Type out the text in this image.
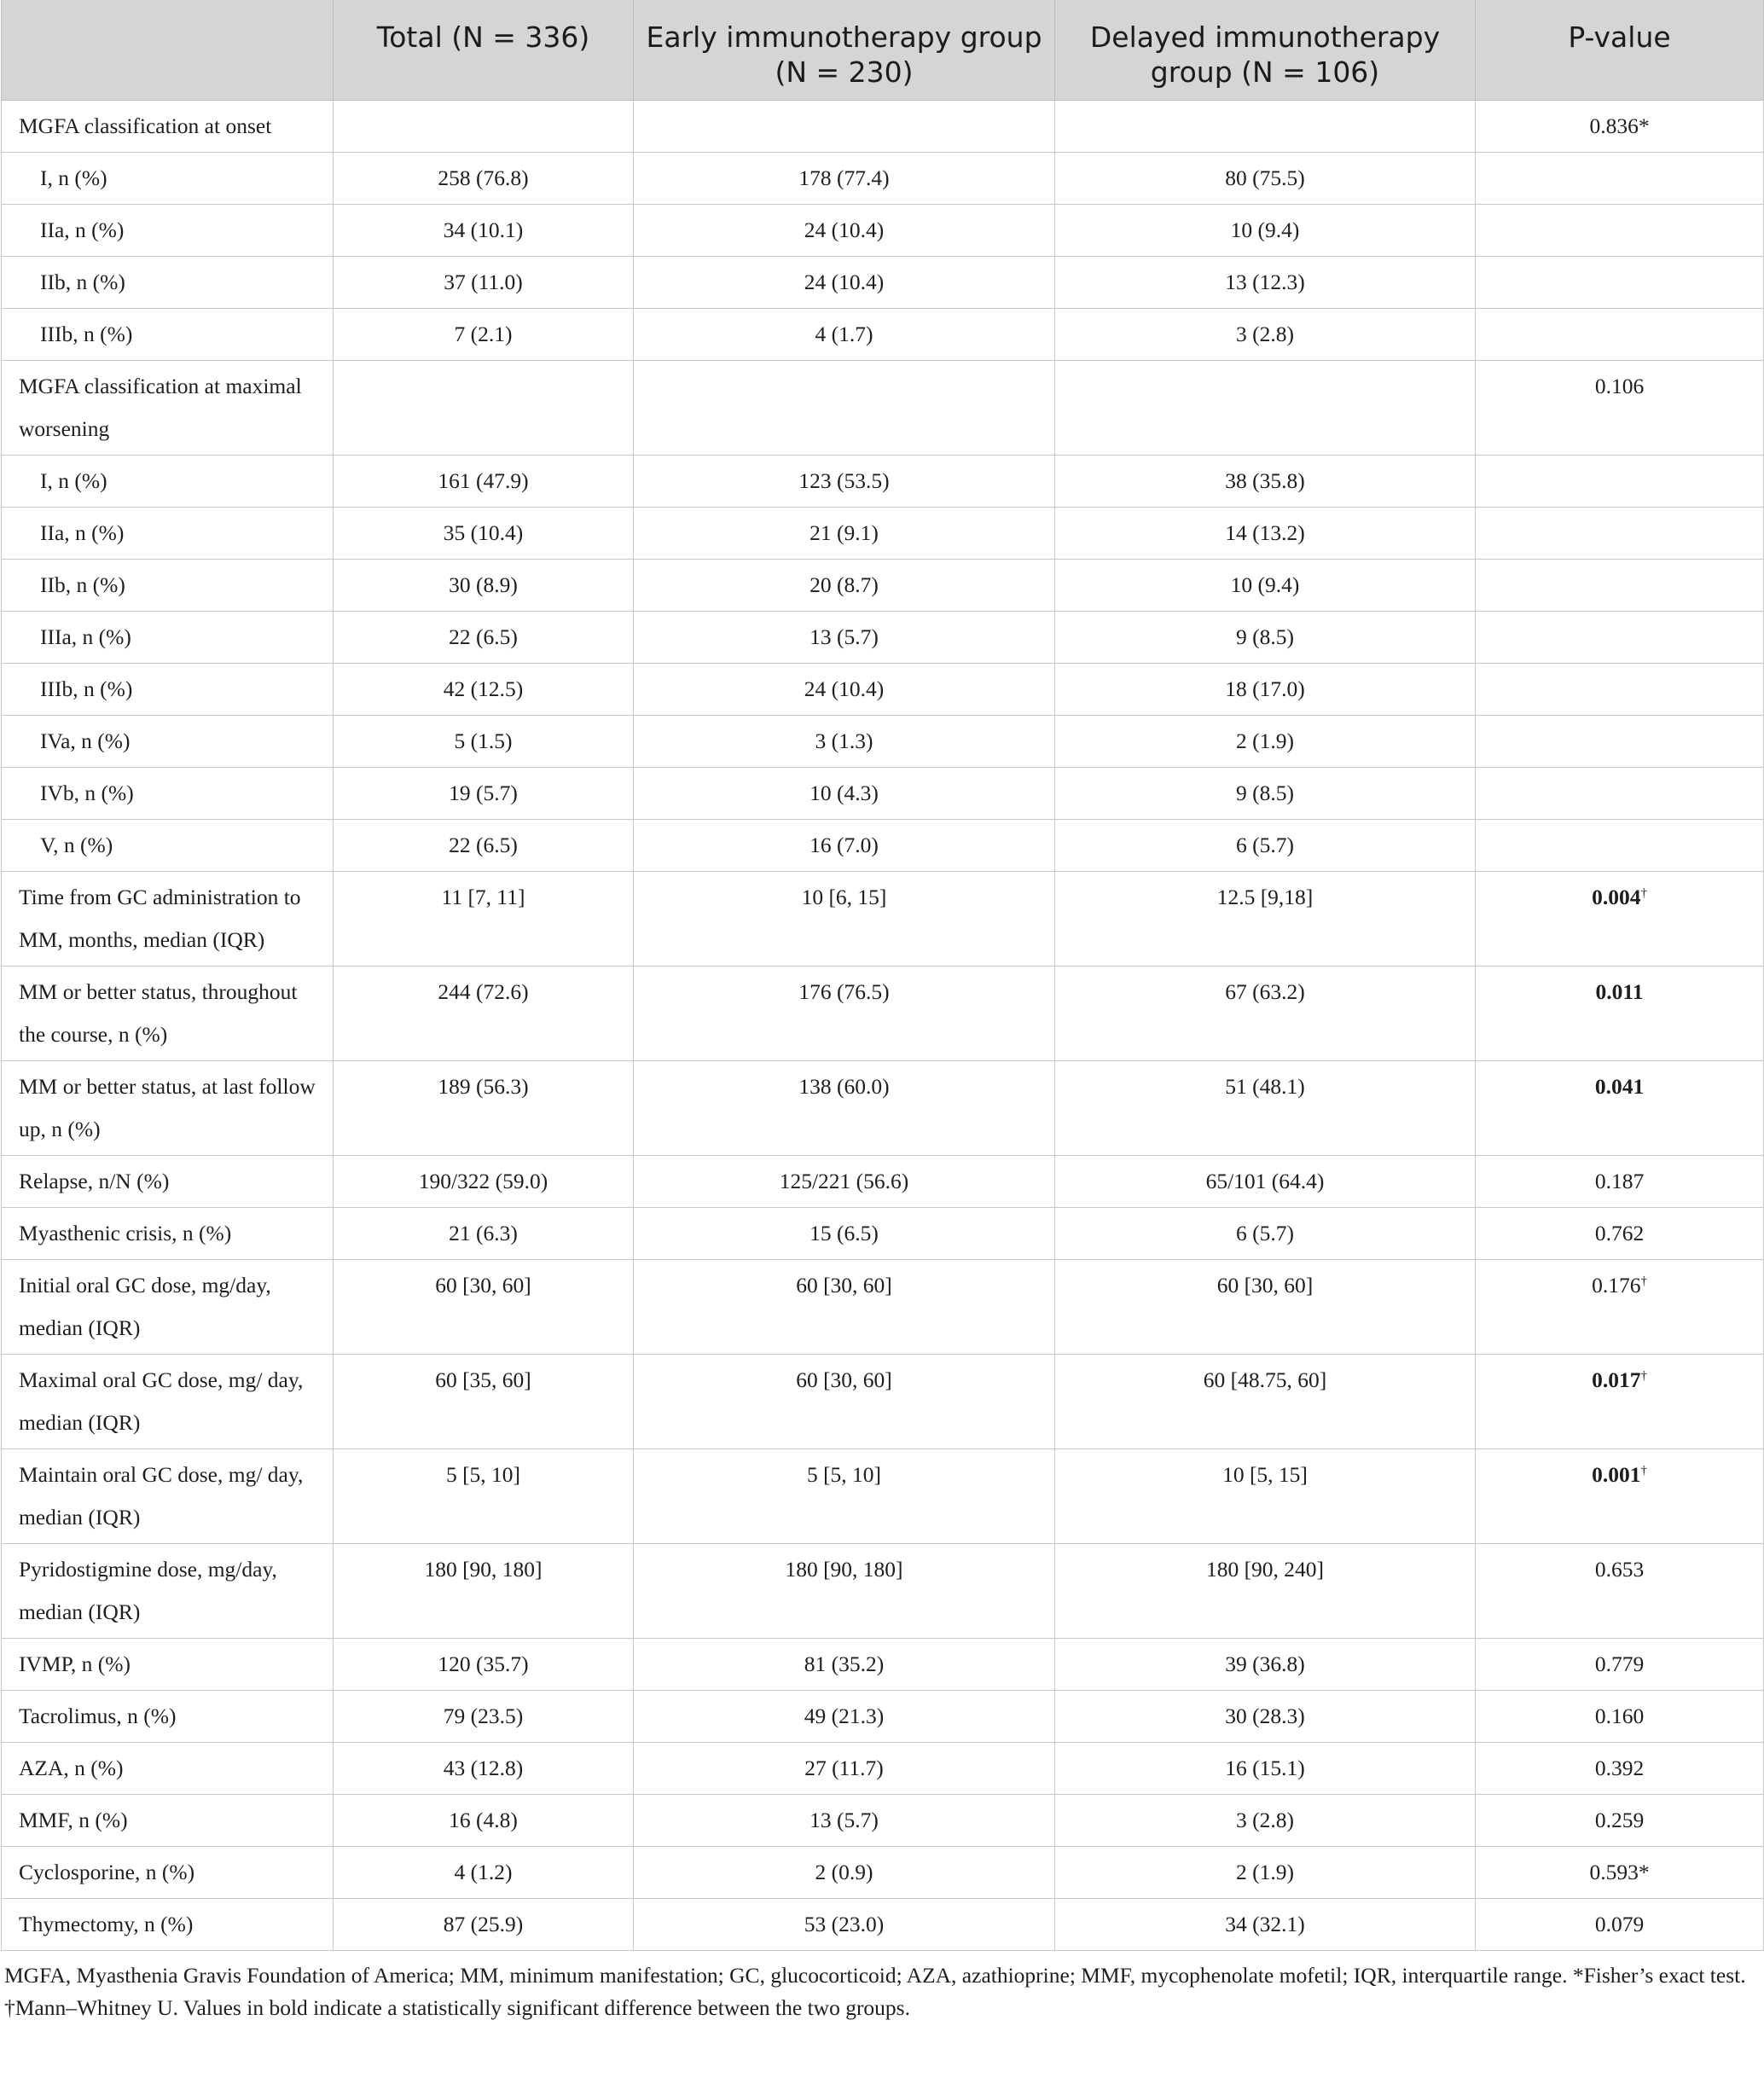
	Total (N = 336)	Early immunotherapy group (N = 230)	Delayed immunotherapy group (N = 106)	P-value
MGFA classification at onset				0.836*
I, n (%)	258 (76.8)	178 (77.4)	80 (75.5)	
IIa, n (%)	34 (10.1)	24 (10.4)	10 (9.4)	
IIb, n (%)	37 (11.0)	24 (10.4)	13 (12.3)	
IIIb, n (%)	7 (2.1)	4 (1.7)	3 (2.8)	
MGFA classification at maximal worsening				0.106
I, n (%)	161 (47.9)	123 (53.5)	38 (35.8)	
IIa, n (%)	35 (10.4)	21 (9.1)	14 (13.2)	
IIb, n (%)	30 (8.9)	20 (8.7)	10 (9.4)	
IIIa, n (%)	22 (6.5)	13 (5.7)	9 (8.5)	
IIIb, n (%)	42 (12.5)	24 (10.4)	18 (17.0)	
IVa, n (%)	5 (1.5)	3 (1.3)	2 (1.9)	
IVb, n (%)	19 (5.7)	10 (4.3)	9 (8.5)	
V, n (%)	22 (6.5)	16 (7.0)	6 (5.7)	
Time from GC administration to MM, months, median (IQR)	11 [7, 11]	10 [6, 15]	12.5 [9,18]	0.004†
MM or better status, throughout the course, n (%)	244 (72.6)	176 (76.5)	67 (63.2)	0.011
MM or better status, at last follow up, n (%)	189 (56.3)	138 (60.0)	51 (48.1)	0.041
Relapse, n/N (%)	190/322 (59.0)	125/221 (56.6)	65/101 (64.4)	0.187
Myasthenic crisis, n (%)	21 (6.3)	15 (6.5)	6 (5.7)	0.762
Initial oral GC dose, mg/day, median (IQR)	60 [30, 60]	60 [30, 60]	60 [30, 60]	0.176†
Maximal oral GC dose, mg/ day, median (IQR)	60 [35, 60]	60 [30, 60]	60 [48.75, 60]	0.017†
Maintain oral GC dose, mg/ day, median (IQR)	5 [5, 10]	5 [5, 10]	10 [5, 15]	0.001†
Pyridostigmine dose, mg/day, median (IQR)	180 [90, 180]	180 [90, 180]	180 [90, 240]	0.653
IVMP, n (%)	120 (35.7)	81 (35.2)	39 (36.8)	0.779
Tacrolimus, n (%)	79 (23.5)	49 (21.3)	30 (28.3)	0.160
AZA, n (%)	43 (12.8)	27 (11.7)	16 (15.1)	0.392
MMF, n (%)	16 (4.8)	13 (5.7)	3 (2.8)	0.259
Cyclosporine, n (%)	4 (1.2)	2 (0.9)	2 (1.9)	0.593*
Thymectomy, n (%)	87 (25.9)	53 (23.0)	34 (32.1)	0.079
MGFA, Myasthenia Gravis Foundation of America; MM, minimum manifestation; GC, glucocorticoid; AZA, azathioprine; MMF, mycophenolate mofetil; IQR, interquartile range. *Fisher’s exact test. †Mann–Whitney U. Values in bold indicate a statistically significant difference between the two groups.
